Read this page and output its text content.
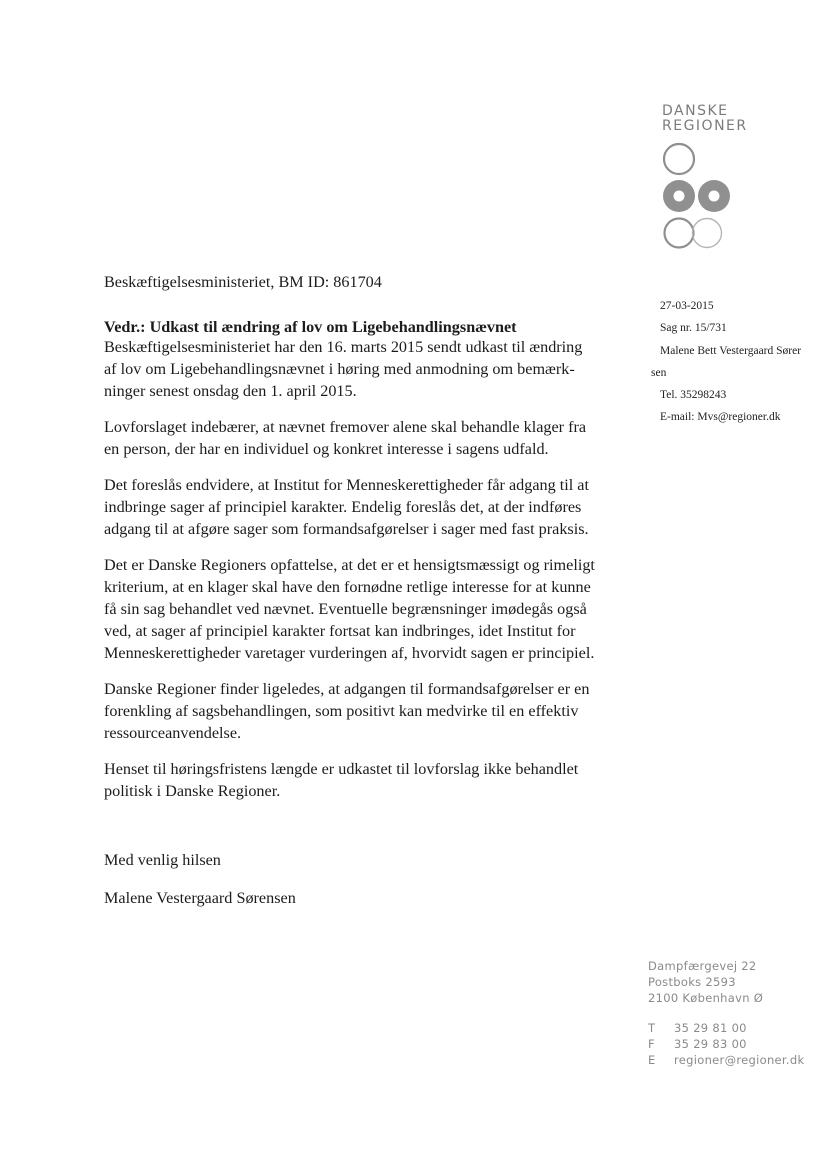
DANSKE
REGIONER
Beskæftigelsesministeriet, BM ID: 861704
27-03-2015
Sag nr. 15/731
Malene Bett Vestergaard Sører
sen
Tel. 35298243
E-mail: Mvs@regioner.dk
Vedr.: Udkast til ændring af lov om Ligebehandlingsnævnet
Beskæftigelsesministeriet har den 16. marts 2015 sendt udkast til ændring
af lov om Ligebehandlingsnævnet i høring med anmodning om bemærk-
ninger senest onsdag den 1. april 2015.
Lovforslaget indebærer, at nævnet fremover alene skal behandle klager fra
en person, der har en individuel og konkret interesse i sagens udfald.
Det foreslås endvidere, at Institut for Menneskerettigheder får adgang til at
indbringe sager af principiel karakter. Endelig foreslås det, at der indføres
adgang til at afgøre sager som formandsafgørelser i sager med fast praksis.
Det er Danske Regioners opfattelse, at det er et hensigtsmæssigt og rimeligt
kriterium, at en klager skal have den fornødne retlige interesse for at kunne
få sin sag behandlet ved nævnet. Eventuelle begrænsninger imødegås også
ved, at sager af principiel karakter fortsat kan indbringes, idet Institut for
Menneskerettigheder varetager vurderingen af, hvorvidt sagen er principiel.
Danske Regioner finder ligeledes, at adgangen til formandsafgørelser er en
forenkling af sagsbehandlingen, som positivt kan medvirke til en effektiv
ressourceanvendelse.
Henset til høringsfristens længde er udkastet til lovforslag ikke behandlet
politisk i Danske Regioner.
Med venlig hilsen
Malene Vestergaard Sørensen
Dampfærgevej 22
Postboks 2593
2100 København Ø
T 35 29 81 00
F 35 29 83 00
E regioner@regioner.dk
